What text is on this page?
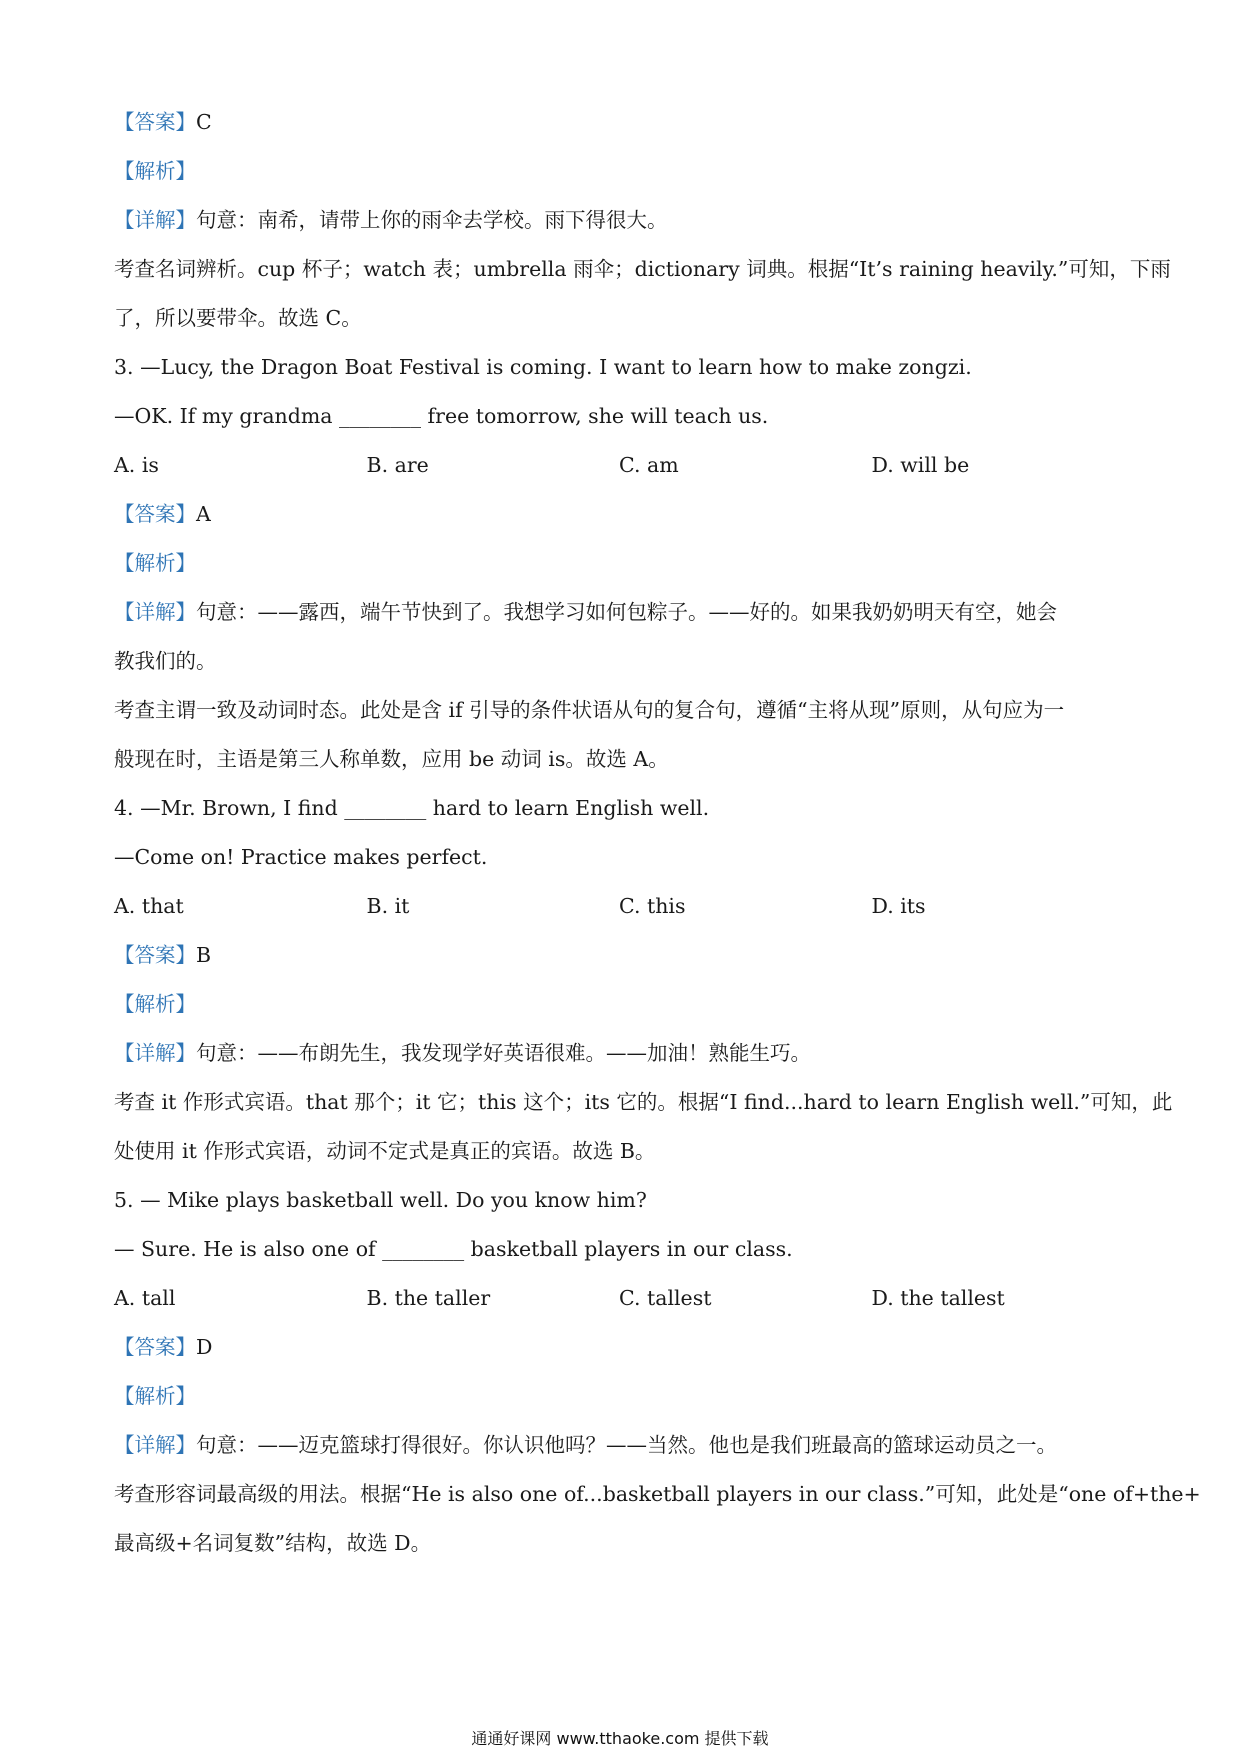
【答案】C
【解析】
【详解】句意：南希，请带上你的雨伞去学校。雨下得很大。
考查名词辨析。cup 杯子；watch 表；umbrella 雨伞；dictionary 词典。根据“It’s raining heavily.”可知，下雨
了，所以要带伞。故选 C。
3. —Lucy, the Dragon Boat Festival is coming. I want to learn how to make zongzi.
—OK. If my grandma ________ free tomorrow, she will teach us.
A. is	B. are	C. am	D. will be
【答案】A
【解析】
【详解】句意：——露西，端午节快到了。我想学习如何包粽子。——好的。如果我奶奶明天有空，她会
教我们的。
考查主谓一致及动词时态。此处是含 if 引导的条件状语从句的复合句，遵循“主将从现”原则，从句应为一
般现在时，主语是第三人称单数，应用 be 动词 is。故选 A。
4. —Mr. Brown, I find ________ hard to learn English well.
—Come on! Practice makes perfect.
A. that	B. it	C. this	D. its
【答案】B
【解析】
【详解】句意：——布朗先生，我发现学好英语很难。——加油！熟能生巧。
考查 it 作形式宾语。that 那个；it 它；this 这个；its 它的。根据“I find...hard to learn English well.”可知，此
处使用 it 作形式宾语，动词不定式是真正的宾语。故选 B。
5. — Mike plays basketball well. Do you know him?
— Sure. He is also one of ________ basketball players in our class.
A. tall	B. the taller	C. tallest	D. the tallest
【答案】D
【解析】
【详解】句意：——迈克篮球打得很好。你认识他吗？——当然。他也是我们班最高的篮球运动员之一。
考查形容词最高级的用法。根据“He is also one of...basketball players in our class.”可知，此处是“one of+the+
最高级+名词复数”结构，故选 D。
通通好课网 www.tthaoke.com 提供下载
